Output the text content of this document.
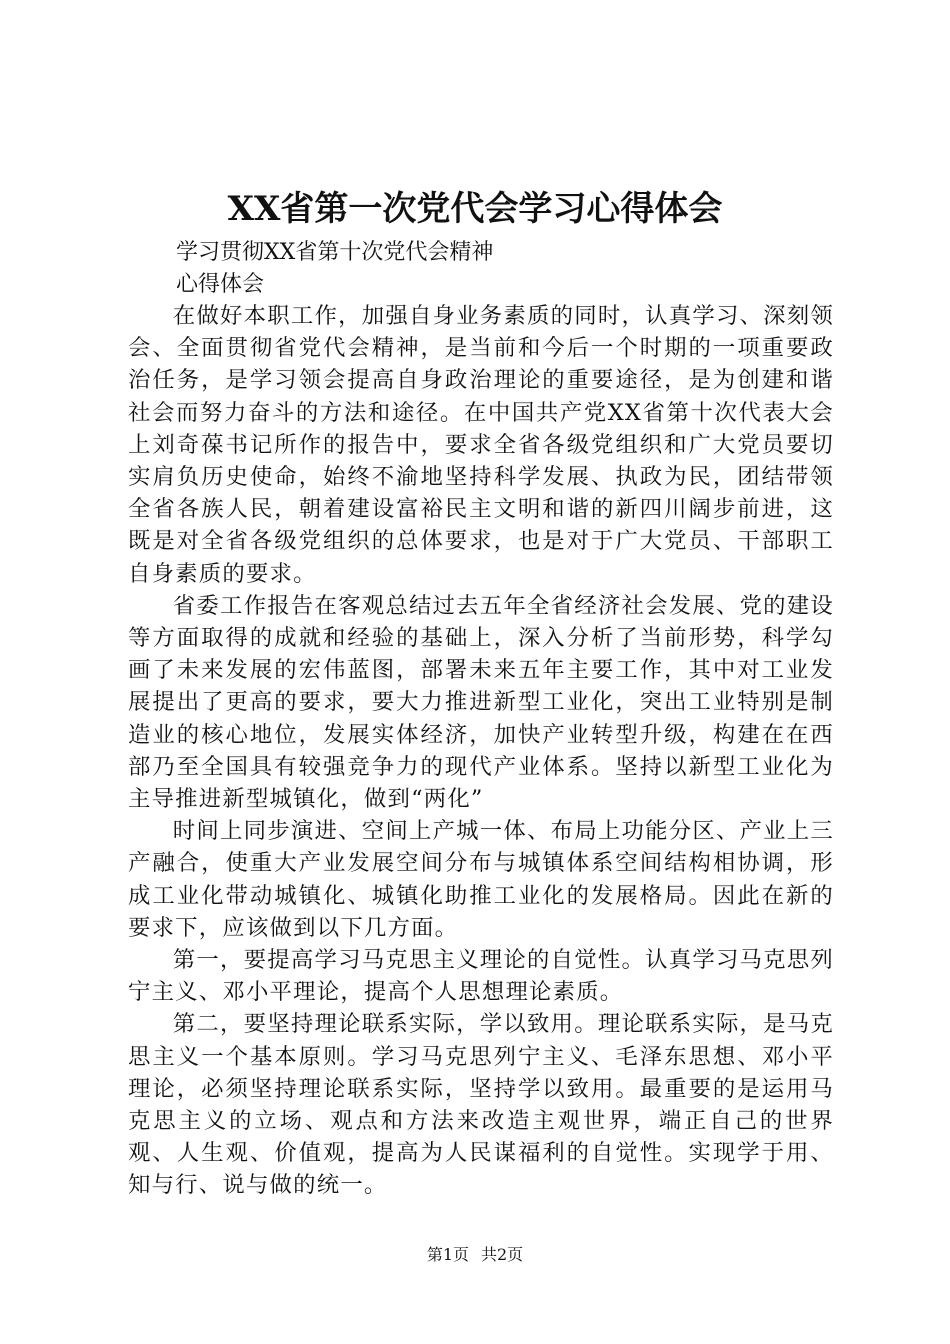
XX省第一次党代会学习心得体会
学习贯彻XX省第十次党代会精神
心得体会

在做好本职工作，加强自身业务素质的同时，认真学习、深刻领会、全面贯彻省党代会精神，是当前和今后一个时期的一项重要政治任务，是学习领会提高自身政治理论的重要途径，是为创建和谐社会而努力奋斗的方法和途径。在中国共产党XX省第十次代表大会上刘奇葆书记所作的报告中，要求全省各级党组织和广大党员要切实肩负历史使命，始终不渝地坚持科学发展、执政为民，团结带领全省各族人民，朝着建设富裕民主文明和谐的新四川阔步前进，这既是对全省各级党组织的总体要求，也是对于广大党员、干部职工自身素质的要求。

省委工作报告在客观总结过去五年全省经济社会发展、党的建设等方面取得的成就和经验的基础上，深入分析了当前形势，科学勾画了未来发展的宏伟蓝图，部署未来五年主要工作，其中对工业发展提出了更高的要求，要大力推进新型工业化，突出工业特别是制造业的核心地位，发展实体经济，加快产业转型升级，构建在在西部乃至全国具有较强竞争力的现代产业体系。坚持以新型工业化为主导推进新型城镇化，做到“两化”

时间上同步演进、空间上产城一体、布局上功能分区、产业上三产融合，使重大产业发展空间分布与城镇体系空间结构相协调，形成工业化带动城镇化、城镇化助推工业化的发展格局。因此在新的要求下，应该做到以下几方面。

第一，要提高学习马克思主义理论的自觉性。认真学习马克思列宁主义、邓小平理论，提高个人思想理论素质。

第二，要坚持理论联系实际，学以致用。理论联系实际，是马克思主义一个基本原则。学习马克思列宁主义、毛泽东思想、邓小平理论，必须坚持理论联系实际，坚持学以致用。最重要的是运用马克思主义的立场、观点和方法来改造主观世界，端正自己的世界观、人生观、价值观，提高为人民谋福利的自觉性。实现学于用、知与行、说与做的统一。

第1页 共2页
